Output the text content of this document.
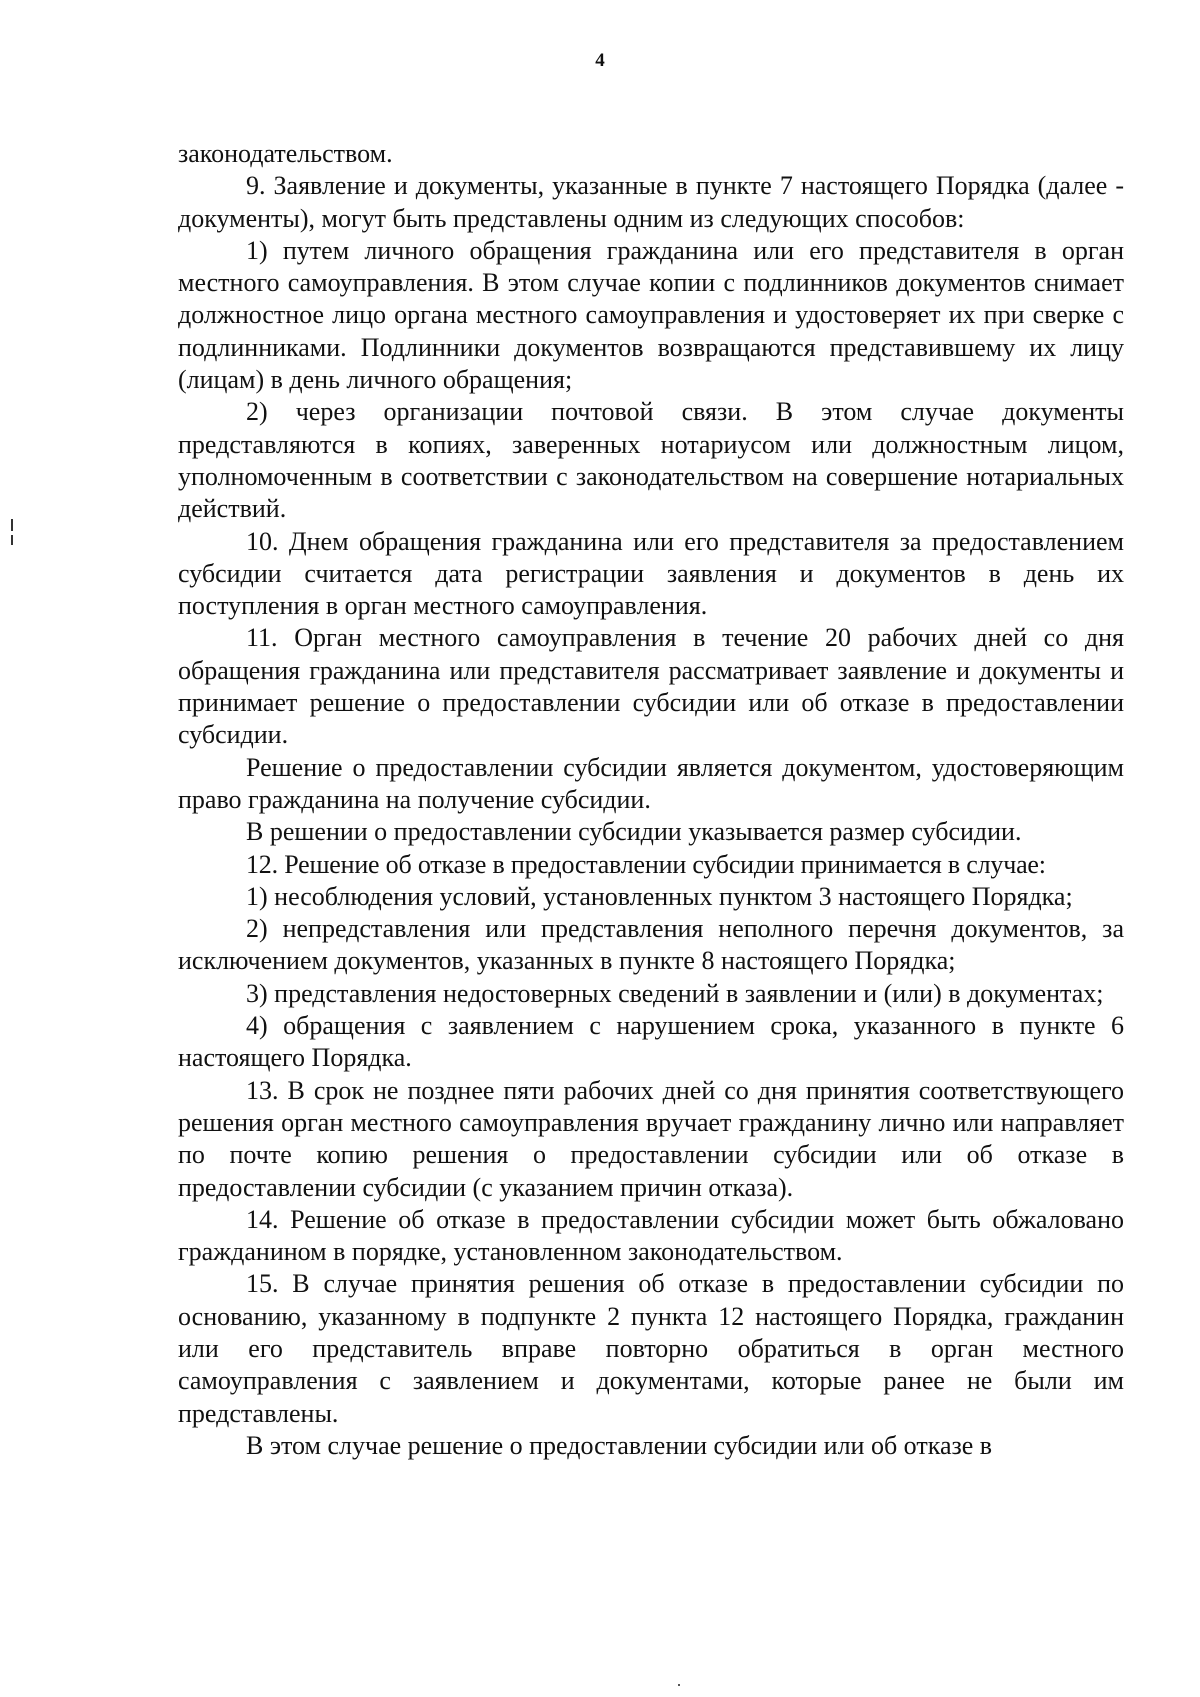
4

законодательством.

9. Заявление и документы, указанные в пункте 7 настоящего Порядка (далее - документы), могут быть представлены одним из следующих способов:

1) путем личного обращения гражданина или его представителя в орган местного самоуправления. В этом случае копии с подлинников документов снимает должностное лицо органа местного самоуправления и удостоверяет их при сверке с подлинниками. Подлинники документов возвращаются представившему их лицу (лицам) в день личного обращения;

2) через организации почтовой связи. В этом случае документы представляются в копиях, заверенных нотариусом или должностным лицом, уполномоченным в соответствии с законодательством на совершение нотариальных действий.

10. Днем обращения гражданина или его представителя за предоставлением субсидии считается дата регистрации заявления и документов в день их поступления в орган местного самоуправления.

11. Орган местного самоуправления в течение 20 рабочих дней со дня обращения гражданина или представителя рассматривает заявление и документы и принимает решение о предоставлении субсидии или об отказе в предоставлении субсидии.

Решение о предоставлении субсидии является документом, удостоверяющим право гражданина на получение субсидии.

В решении о предоставлении субсидии указывается размер субсидии.

12. Решение об отказе в предоставлении субсидии принимается в случае:

1) несоблюдения условий, установленных пунктом 3 настоящего Порядка;

2) непредставления или представления неполного перечня документов, за исключением документов, указанных в пункте 8 настоящего Порядка;

3) представления недостоверных сведений в заявлении и (или) в документах;

4) обращения с заявлением с нарушением срока, указанного в пункте 6 настоящего Порядка.

13. В срок не позднее пяти рабочих дней со дня принятия соответствующего решения орган местного самоуправления вручает гражданину лично или направляет по почте копию решения о предоставлении субсидии или об отказе в предоставлении субсидии (с указанием причин отказа).

14. Решение об отказе в предоставлении субсидии может быть обжаловано гражданином в порядке, установленном законодательством.

15. В случае принятия решения об отказе в предоставлении субсидии по основанию, указанному в подпункте 2 пункта 12 настоящего Порядка, гражданин или его представитель вправе повторно обратиться в орган местного самоуправления с заявлением и документами, которые ранее не были им представлены.

В этом случае решение о предоставлении субсидии или об отказе в
